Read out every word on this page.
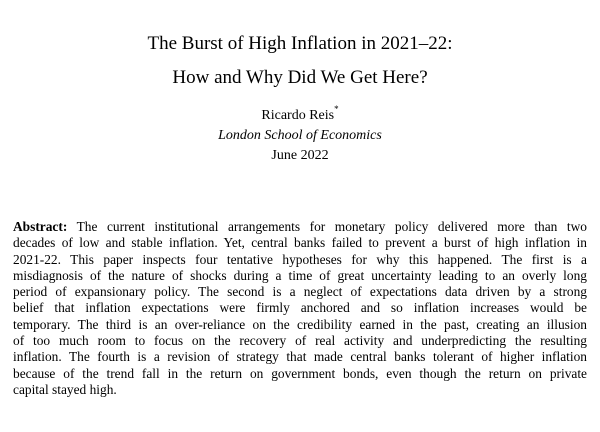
The Burst of High Inflation in 2021–22:
How and Why Did We Get Here?
Ricardo Reis*
London School of Economics
June 2022
Abstract: The current institutional arrangements for monetary policy delivered more than two
decades of low and stable inflation. Yet, central banks failed to prevent a burst of high inflation in
2021-22. This paper inspects four tentative hypotheses for why this happened. The first is a
misdiagnosis of the nature of shocks during a time of great uncertainty leading to an overly long
period of expansionary policy. The second is a neglect of expectations data driven by a strong
belief that inflation expectations were firmly anchored and so inflation increases would be
temporary. The third is an over-reliance on the credibility earned in the past, creating an illusion
of too much room to focus on the recovery of real activity and underpredicting the resulting
inflation. The fourth is a revision of strategy that made central banks tolerant of higher inflation
because of the trend fall in the return on government bonds, even though the return on private
capital stayed high.
